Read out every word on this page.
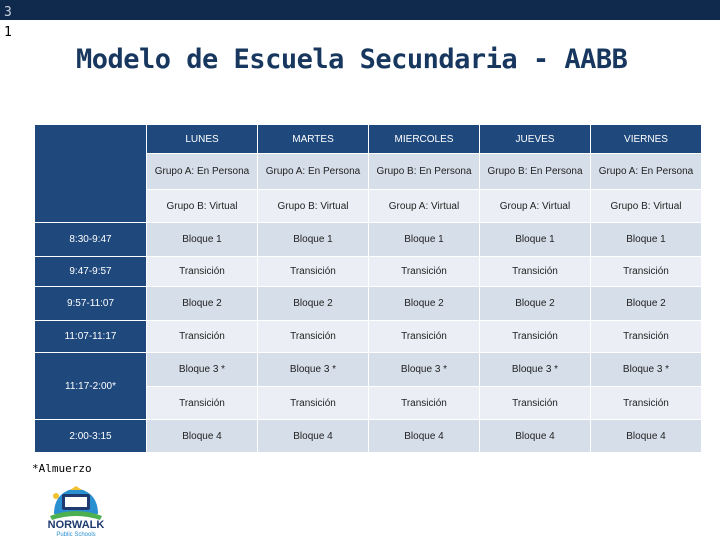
3
1
Modelo de Escuela Secundaria - AABB
	LUNES	MARTES	MIERCOLES	JUEVES	VIERNES
	Grupo A: En Persona	Grupo A: En Persona	Grupo B: En Persona	Grupo B: En Persona	Grupo A: En Persona
	Grupo B: Virtual	Grupo B: Virtual	Group A: Virtual	Group A: Virtual	Grupo B: Virtual
8:30-9:47	Bloque 1	Bloque 1	Bloque 1	Bloque 1	Bloque 1
9:47-9:57	Transición	Transición	Transición	Transición	Transición
9:57-11:07	Bloque 2	Bloque 2	Bloque 2	Bloque 2	Bloque 2
11:07-11:17	Transición	Transición	Transición	Transición	Transición
11:17-2:00*	Bloque 3 *	Bloque 3 *	Bloque 3 *	Bloque 3 *	Bloque 3 *
	Transición	Transición	Transición	Transición	Transición
2:00-3:15	Bloque 4	Bloque 4	Bloque 4	Bloque 4	Bloque 4
*Almuerzo
NORWALK
Public Schools
